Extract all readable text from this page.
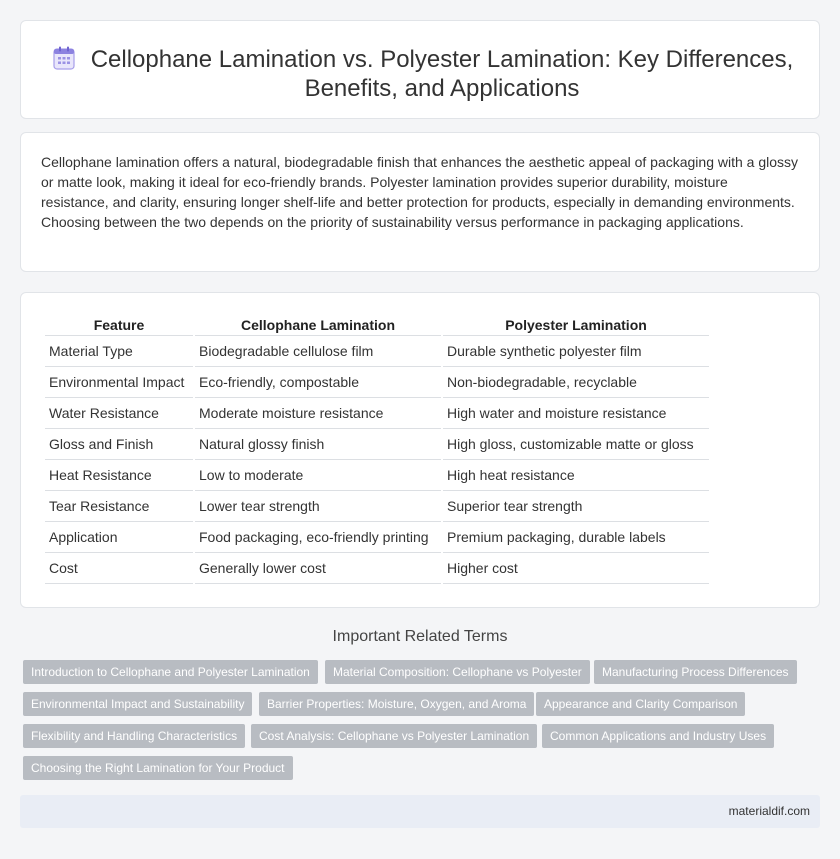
Cellophane Lamination vs. Polyester Lamination: Key Differences, Benefits, and Applications

Cellophane lamination offers a natural, biodegradable finish that enhances the aesthetic appeal of packaging with a glossy or matte look, making it ideal for eco-friendly brands. Polyester lamination provides superior durability, moisture resistance, and clarity, ensuring longer shelf-life and better protection for products, especially in demanding environments. Choosing between the two depends on the priority of sustainability versus performance in packaging applications.

Feature	Cellophane Lamination	Polyester Lamination
Material Type	Biodegradable cellulose film	Durable synthetic polyester film
Environmental Impact	Eco-friendly, compostable	Non-biodegradable, recyclable
Water Resistance	Moderate moisture resistance	High water and moisture resistance
Gloss and Finish	Natural glossy finish	High gloss, customizable matte or gloss
Heat Resistance	Low to moderate	High heat resistance
Tear Resistance	Lower tear strength	Superior tear strength
Application	Food packaging, eco-friendly printing	Premium packaging, durable labels
Cost	Generally lower cost	Higher cost
Important Related Terms
Introduction to Cellophane and Polyester Lamination	Material Composition: Cellophane vs Polyester	Manufacturing Process Differences
Environmental Impact and Sustainability	Barrier Properties: Moisture, Oxygen, and Aroma	Appearance and Clarity Comparison
Flexibility and Handling Characteristics	Cost Analysis: Cellophane vs Polyester Lamination	Common Applications and Industry Uses
Choosing the Right Lamination for Your Product
materialdif.com
